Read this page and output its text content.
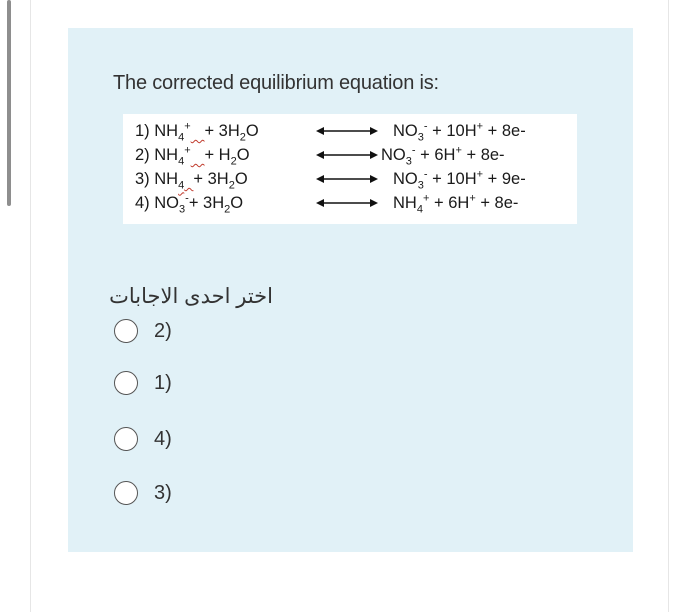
The corrected equilibrium equation is:
1) $NH_4^+ + 3H_2O$	$NO_3^- + 10H^+ + 8e-$
2) $NH_4^+ + H_2O$	$NO_3^- + 6H^+ + 8e-$
3) $NH_4 + 3H_2O$	$NO_3^- + 10H^+ + 9e-$
4) $NO_3^-+ 3H_2O$	$NH_4^+ + 6H^+ + 8e-$
اختر احدى الاجابات
2)
1)
4)
3)
